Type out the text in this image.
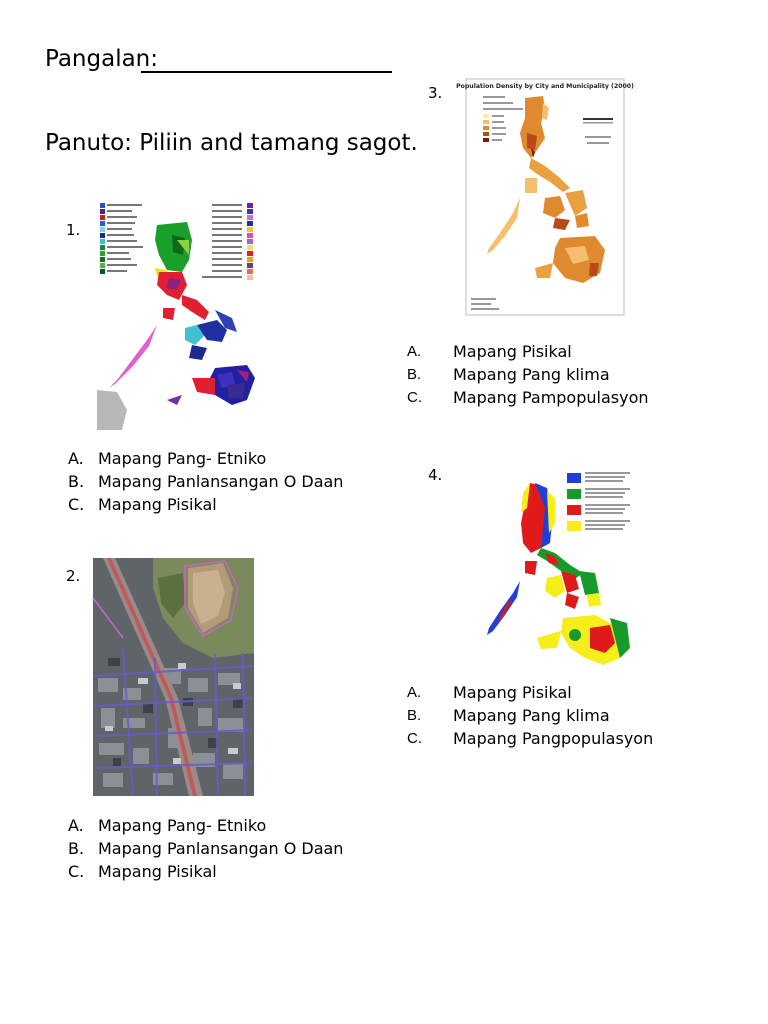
Pangalan:
Panuto: Piliin and tamang sagot.
1.
A. Mapang Pang- Etniko
B. Mapang Panlansangan O Daan
C. Mapang Pisikal
2.
A. Mapang Pang- Etniko
B. Mapang Panlansangan O Daan
C. Mapang Pisikal
3. Population Density by City and Municipality (2000)
A.	Mapang Pisikal
B.	Mapang Pang klima
C.	Mapang Pampopulasyon
4.
A.	Mapang Pisikal
B.	Mapang Pang klima
C.	Mapang Pangpopulasyon
